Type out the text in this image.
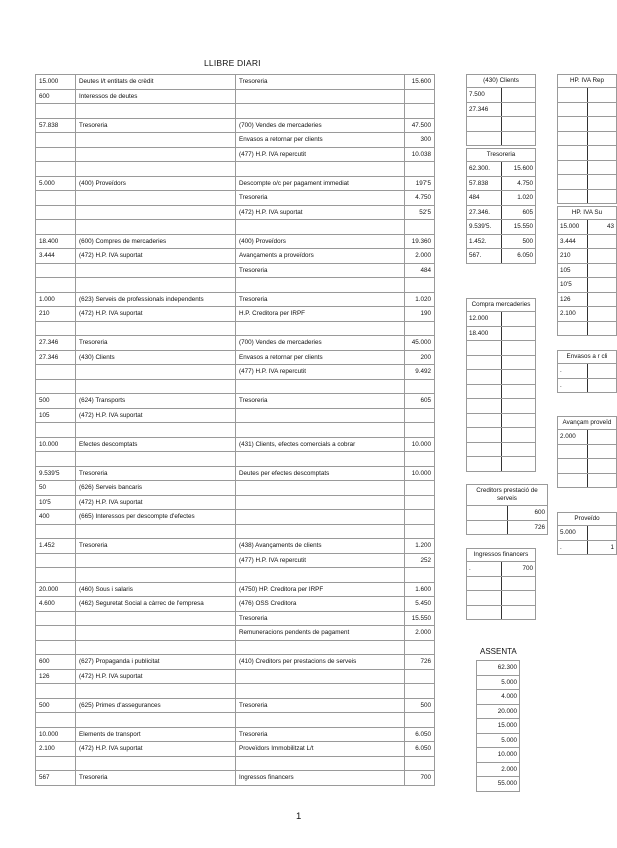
LLIBRE DIARI
15.000	Deutes l/t entitats de crèdit	Tresoreria	15.600
600	Interessos de deutes		

57.838	Tresoreria	(700) Vendes de mercaderies	47.500
		Envasos a retornar per clients	300
		(477) H.P. IVA repercutit	10.038

5.000	(400) Proveïdors	Descompte o/c per pagament immediat	197'5
		Tresoreria	4.750
		(472) H.P. IVA suportat	52'5

18.400	(600) Compres de mercaderies	(400) Proveïdors	19.360
3.444	(472) H.P. IVA suportat	Avançaments a proveïdors	2.000
		Tresoreria	484

1.000	(623) Serveis de professionals independents	Tresoreria	1.020
210	(472) H.P. IVA suportat	H.P. Creditora per IRPF	190

27.346	Tresoreria	(700) Vendes de mercaderies	45.000
27.346	(430) Clients	Envasos a retornar per clients	200
		(477) H.P. IVA repercutit	9.492

500	(624) Transports	Tresoreria	605
105	(472) H.P. IVA suportat		

10.000	Efectes descomptats	(431) Clients, efectes comercials a cobrar	10.000

9.539'5	Tresoreria	Deutes per efectes descomptats	10.000
50	(626) Serveis bancaris		
10'5	(472) H.P. IVA suportat		
400	(665) Interessos per descompte d'efectes		

1.452	Tresoreria	(438) Avançaments de clients	1.200
		(477) H.P. IVA repercutit	252

20.000	(460) Sous i salaris	(4750) HP. Creditora per IRPF	1.600
4.600	(462) Seguretat Social a càrrec de l'empresa	(476) OSS Creditora	5.450
		Tresoreria	15.550
		Remuneracions pendents de pagament	2.000

600	(627) Propaganda i publicitat	(410) Creditors per prestacions de serveis	726
126	(472) H.P. IVA suportat		

500	(625) Primes d'assegurances	Tresoreria	500

10.000	Elements de transport	Tresoreria	6.050
2.100	(472) H.P. IVA suportat	Proveïdors Immobilitzat L/t	6.050

567	Tresoreria	Ingressos financers	700
(430) Clients	
7.500	
27.346	

Tresoreria	
62.300.	15.600
57.838	4.750
484	1.020
27.346.	605
9.539'5.	15.550
1.452.	500
567.	6.050
Compra mercaderies	
12.000	
18.400	

Creditors prestació de serveis	
	600
	726
Ingressos financers	
.	700

HP. IVA Rep	

HP. IVA Su	
15.000	43
3.444	
210	
105	
10'5	
126	
2.100	

Envasos a r cli	
.	
.	
Avançam proveïd	
2.000	

Proveïdo	
5.000	
.	1
ASSENTA
62.300
5.000
4.000
20.000
15.000
5.000
10.000
2.000
55.000
1
